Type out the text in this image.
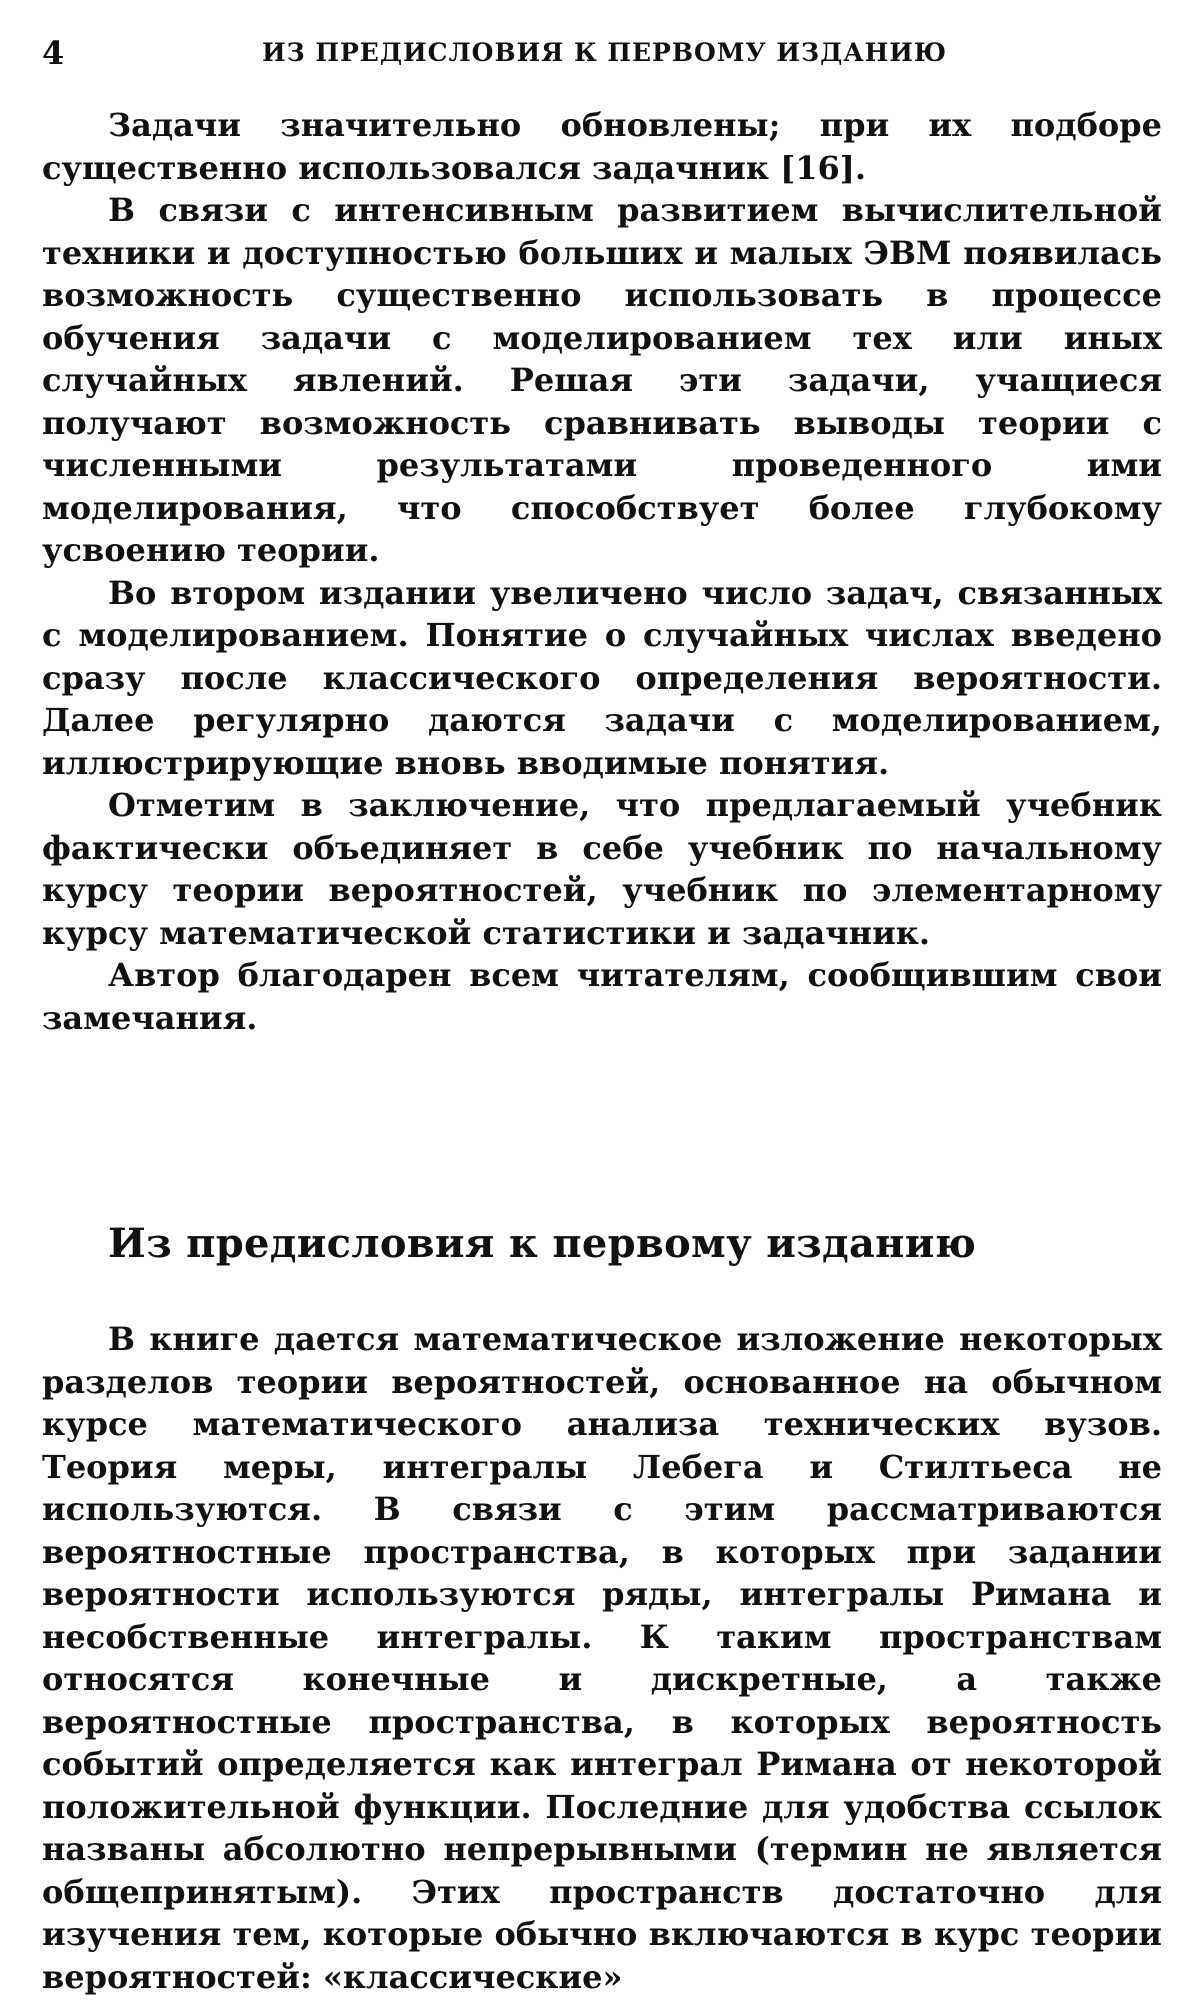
4	ИЗ ПРЕДИСЛОВИЯ К ПЕРВОМУ ИЗДАНИЮ

Задачи значительно обновлены; при их подборе существенно использовался задачник [16].

В связи с интенсивным развитием вычислительной техники и доступностью больших и малых ЭВМ появилась возможность существенно использовать в процессе обучения задачи с моделированием тех или иных случайных явлений. Решая эти задачи, учащиеся получают возможность сравнивать выводы теории с численными результатами проведенного ими моделирования, что способствует более глубокому усвоению теории.

Во втором издании увеличено число задач, связанных с моделированием. Понятие о случайных числах введено сразу после классического определения вероятности. Далее регулярно даются задачи с моделированием, иллюстрирующие вновь вводимые понятия.

Отметим в заключение, что предлагаемый учебник фактически объединяет в себе учебник по начальному курсу теории вероятностей, учебник по элементарному курсу математической статистики и задачник.

Автор благодарен всем читателям, сообщившим свои замечания.

Из предисловия к первому изданию

В книге дается математическое изложение некоторых разделов теории вероятностей, основанное на обычном курсе математического анализа технических вузов. Теория меры, интегралы Лебега и Стилтьеса не используются. В связи с этим рассматриваются вероятностные пространства, в которых при задании вероятности используются ряды, интегралы Римана и несобственные интегралы. К таким пространствам относятся конечные и дискретные, а также вероятностные пространства, в которых вероятность событий определяется как интеграл Римана от некоторой положительной функции. Последние для удобства ссылок названы абсолютно непрерывными (термин не является общепринятым). Этих пространств достаточно для изучения тем, которые обычно включаются в курс теории вероятностей: «классические»
